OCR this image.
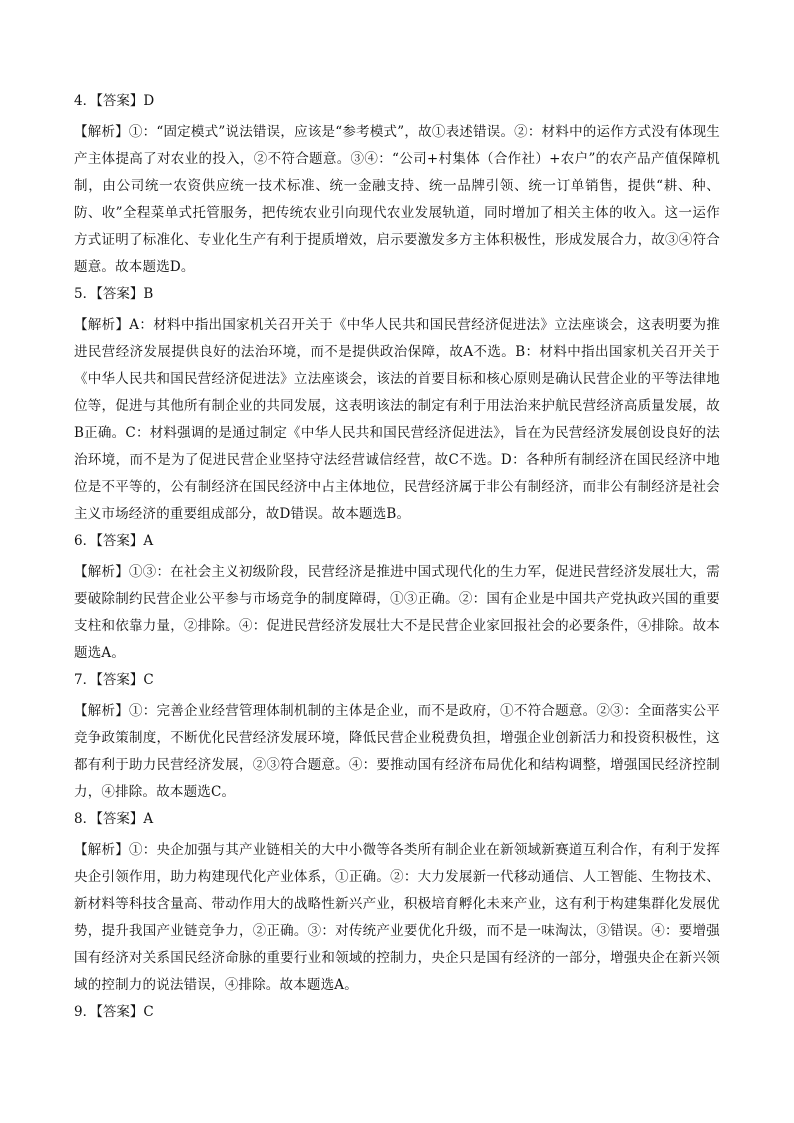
4．【答案】D
【解析】①：“固定模式”说法错误，应该是“参考模式”，故①表述错误。②：材料中的运作方式没有体现生产主体提高了对农业的投入，②不符合题意。③④：“公司+村集体（合作社）+农户”的农产品产值保障机制，由公司统一农资供应统一技术标准、统一金融支持、统一品牌引领、统一订单销售，提供“耕、种、防、收”全程菜单式托管服务，把传统农业引向现代农业发展轨道，同时增加了相关主体的收入。这一运作方式证明了标准化、专业化生产有利于提质增效，启示要激发多方主体积极性，形成发展合力，故③④符合题意。故本题选D。
5．【答案】B
【解析】A：材料中指出国家机关召开关于《中华人民共和国民营经济促进法》立法座谈会，这表明要为推进民营经济发展提供良好的法治环境，而不是提供政治保障，故A不选。B：材料中指出国家机关召开关于《中华人民共和国民营经济促进法》立法座谈会，该法的首要目标和核心原则是确认民营企业的平等法律地位等，促进与其他所有制企业的共同发展，这表明该法的制定有利于用法治来护航民营经济高质量发展，故B正确。C：材料强调的是通过制定《中华人民共和国民营经济促进法》，旨在为民营经济发展创设良好的法治环境，而不是为了促进民营企业坚持守法经营诚信经营，故C不选。D：各种所有制经济在国民经济中地位是不平等的，公有制经济在国民经济中占主体地位，民营经济属于非公有制经济，而非公有制经济是社会主义市场经济的重要组成部分，故D错误。故本题选B。
6．【答案】A
【解析】①③：在社会主义初级阶段，民营经济是推进中国式现代化的生力军，促进民营经济发展壮大，需要破除制约民营企业公平参与市场竞争的制度障碍，①③正确。②：国有企业是中国共产党执政兴国的重要支柱和依靠力量，②排除。④：促进民营经济发展壮大不是民营企业家回报社会的必要条件，④排除。故本题选A。
7．【答案】C
【解析】①：完善企业经营管理体制机制的主体是企业，而不是政府，①不符合题意。②③：全面落实公平竞争政策制度，不断优化民营经济发展环境，降低民营企业税费负担，增强企业创新活力和投资积极性，这都有利于助力民营经济发展，②③符合题意。④：要推动国有经济布局优化和结构调整，增强国民经济控制力，④排除。故本题选C。
8．【答案】A
【解析】①：央企加强与其产业链相关的大中小微等各类所有制企业在新领域新赛道互利合作，有利于发挥央企引领作用，助力构建现代化产业体系，①正确。②：大力发展新一代移动通信、人工智能、生物技术、新材料等科技含量高、带动作用大的战略性新兴产业，积极培育孵化未来产业，这有利于构建集群化发展优势，提升我国产业链竞争力，②正确。③：对传统产业要优化升级，而不是一味淘汰，③错误。④：要增强国有经济对关系国民经济命脉的重要行业和领域的控制力，央企只是国有经济的一部分，增强央企在新兴领域的控制力的说法错误，④排除。故本题选A。
9．【答案】C
